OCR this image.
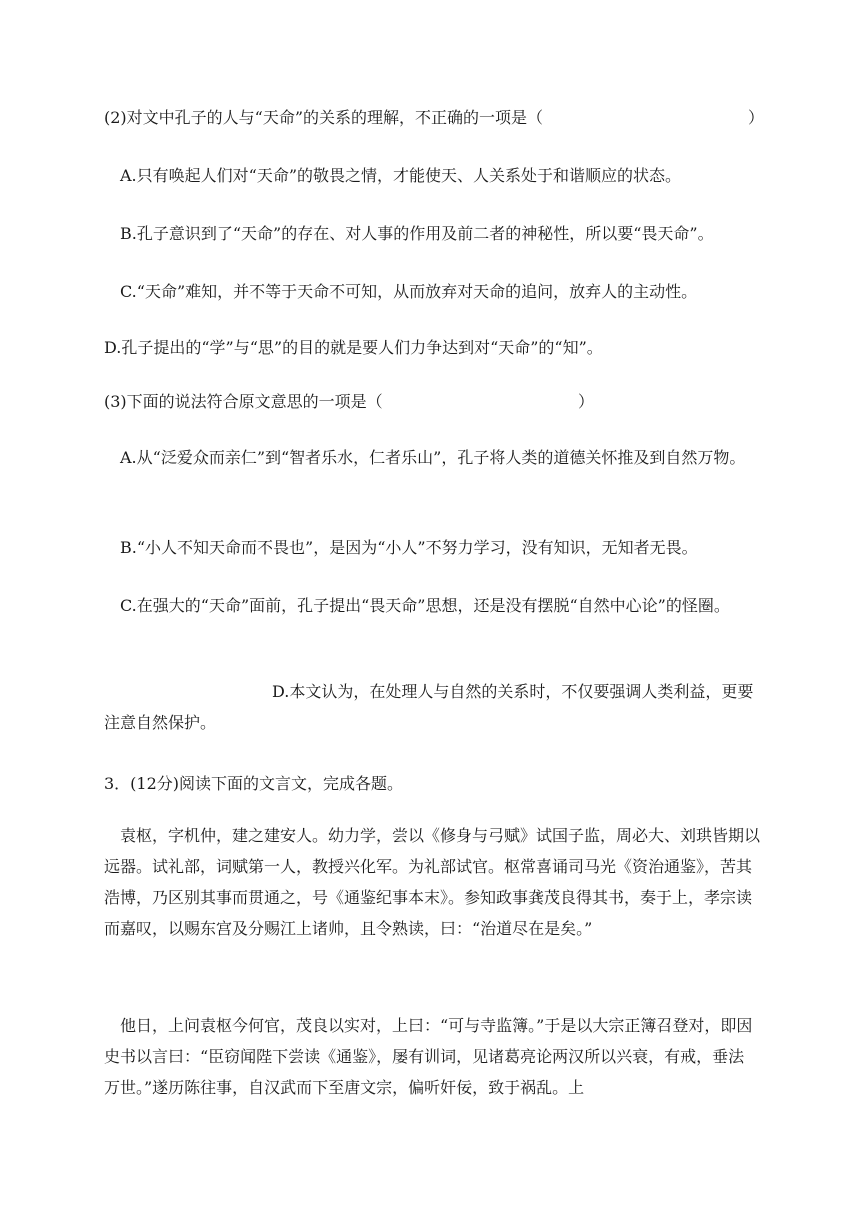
(2)对文中孔子的人与“天命”的关系的理解，不正确的一项是（	）
A.只有唤起人们对“天命”的敬畏之情，才能使天、人关系处于和谐顺应的状态。
B.孔子意识到了“天命”的存在、对人事的作用及前二者的神秘性，所以要“畏天命”。
C.“天命”难知，并不等于天命不可知，从而放弃对天命的追问，放弃人的主动性。
D.孔子提出的“学”与“思”的目的就是要人们力争达到对“天命”的“知”。
(3)下面的说法符合原文意思的一项是（	）
A.从“泛爱众而亲仁”到“智者乐水，仁者乐山”，孔子将人类的道德关怀推及到自然万物。
B.“小人不知天命而不畏也”，是因为“小人”不努力学习，没有知识，无知者无畏。
C.在强大的“天命”面前，孔子提出“畏天命”思想，还是没有摆脱“自然中心论”的怪圈。
D.本文认为，在处理人与自然的关系时，不仅要强调人类利益，更要注意自然保护。
3．(12分)阅读下面的文言文，完成各题。
袁枢，字机仲，建之建安人。幼力学，尝以《修身与弓赋》试国子监，周必大、刘珙皆期以远器。试礼部，词赋第一人，教授兴化军。为礼部试官。枢常喜诵司马光《资治通鉴》，苦其浩博，乃区别其事而贯通之，号《通鉴纪事本末》。参知政事龚茂良得其书，奏于上，孝宗读而嘉叹，以赐东宫及分赐江上诸帅，且令熟读，曰：“治道尽在是矣。”
他日，上问袁枢今何官，茂良以实对，上曰：“可与寺监簿。”于是以大宗正簿召登对，即因史书以言曰：“臣窃闻陛下尝读《通鉴》，屡有训词，见诸葛亮论两汉所以兴衰，有戒，垂法万世。”遂历陈往事，自汉武而下至唐文宗，偏听奸佞，致于祸乱。上
